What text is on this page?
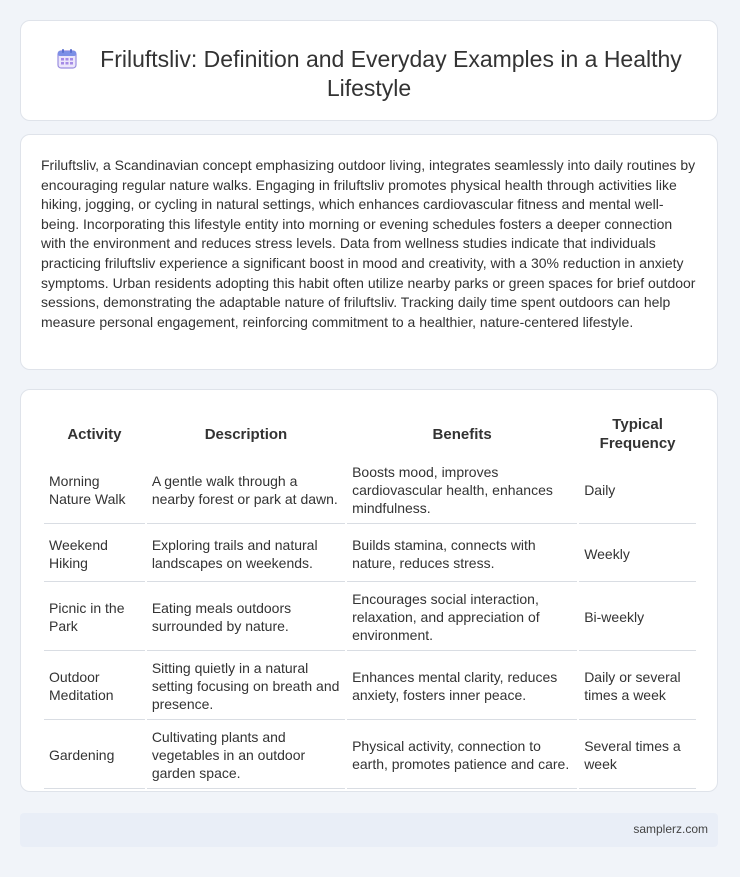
Friluftsliv: Definition and Everyday Examples in a Healthy Lifestyle

Friluftsliv, a Scandinavian concept emphasizing outdoor living, integrates seamlessly into daily routines by encouraging regular nature walks. Engaging in friluftsliv promotes physical health through activities like hiking, jogging, or cycling in natural settings, which enhances cardiovascular fitness and mental well-being. Incorporating this lifestyle entity into morning or evening schedules fosters a deeper connection with the environment and reduces stress levels. Data from wellness studies indicate that individuals practicing friluftsliv experience a significant boost in mood and creativity, with a 30% reduction in anxiety symptoms. Urban residents adopting this habit often utilize nearby parks or green spaces for brief outdoor sessions, demonstrating the adaptable nature of friluftsliv. Tracking daily time spent outdoors can help measure personal engagement, reinforcing commitment to a healthier, nature-centered lifestyle.

Activity	Description	Benefits	Typical Frequency
Morning Nature Walk	A gentle walk through a nearby forest or park at dawn.	Boosts mood, improves cardiovascular health, enhances mindfulness.	Daily
Weekend Hiking	Exploring trails and natural landscapes on weekends.	Builds stamina, connects with nature, reduces stress.	Weekly
Picnic in the Park	Eating meals outdoors surrounded by nature.	Encourages social interaction, relaxation, and appreciation of environment.	Bi-weekly
Outdoor Meditation	Sitting quietly in a natural setting focusing on breath and presence.	Enhances mental clarity, reduces anxiety, fosters inner peace.	Daily or several times a week
Gardening	Cultivating plants and vegetables in an outdoor garden space.	Physical activity, connection to earth, promotes patience and care.	Several times a week
samplerz.com
